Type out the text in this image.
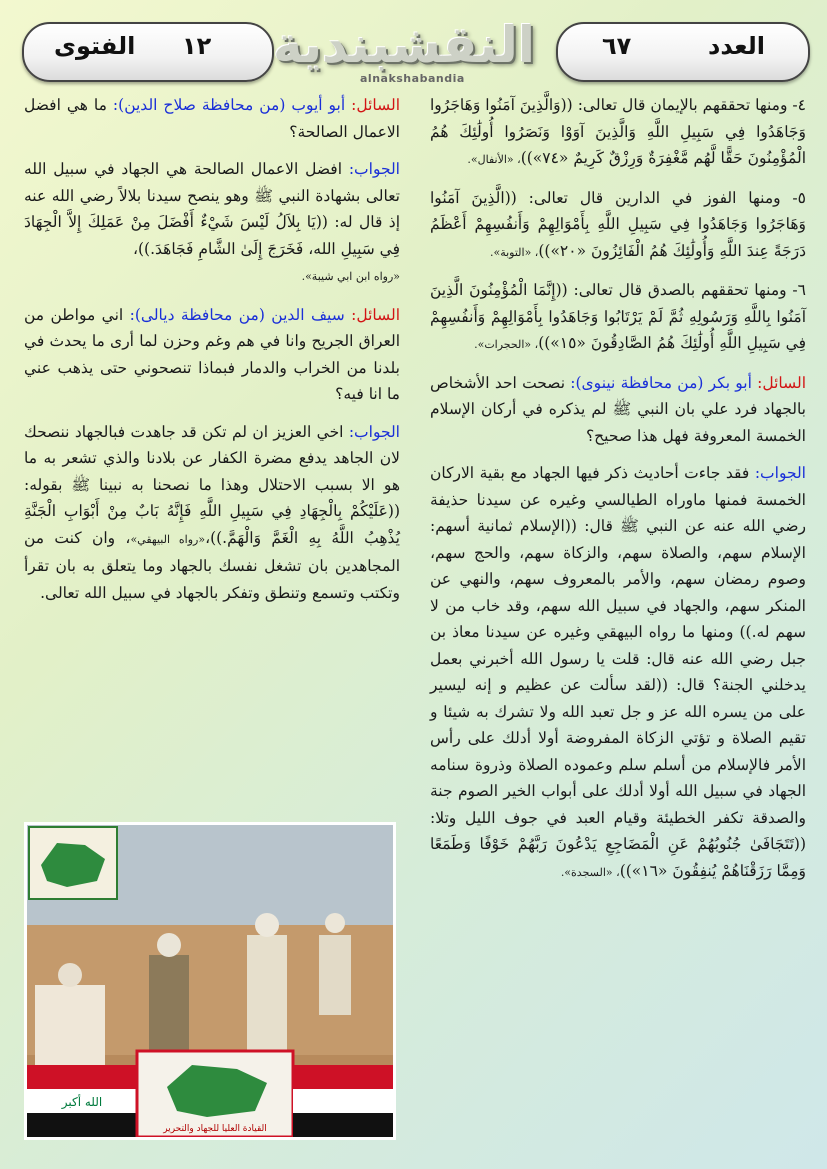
الفتوى ١٢ النقشبندية
alnakshabandia
٦٧	العدد

٤- ومنها تحققهم بالإيمان قال تعالى: ((وَالَّذِينَ آمَنُوا وَهَاجَرُوا وَجَاهَدُوا فِي سَبِيلِ اللَّهِ وَالَّذِينَ آوَوْا وَنَصَرُوا أُولَٰئِكَ هُمُ الْمُؤْمِنُونَ حَقًّا لَّهُم مَّغْفِرَةٌ وَرِزْقٌ كَرِيمٌ «٧٤»))، «الأنفال».

٥- ومنها الفوز في الدارين قال تعالى: ((الَّذِينَ آمَنُوا وَهَاجَرُوا وَجَاهَدُوا فِي سَبِيلِ اللَّهِ بِأَمْوَالِهِمْ وَأَنفُسِهِمْ أَعْظَمُ دَرَجَةً عِندَ اللَّهِ وَأُولَٰئِكَ هُمُ الْفَائِزُونَ «٢٠»))، «التوبة».

٦- ومنها تحققهم بالصدق قال تعالى: ((إِنَّمَا الْمُؤْمِنُونَ الَّذِينَ آمَنُوا بِاللَّهِ وَرَسُولِهِ ثُمَّ لَمْ يَرْتَابُوا وَجَاهَدُوا بِأَمْوَالِهِمْ وَأَنفُسِهِمْ فِي سَبِيلِ اللَّهِ أُولَٰئِكَ هُمُ الصَّادِقُونَ «١٥»))، «الحجرات».

السائل: أبو بكر (من محافظة نينوى): نصحت احد الأشخاص بالجهاد فرد علي بان النبي ﷺ لم يذكره في أركان الإسلام الخمسة المعروفة فهل هذا صحيح؟

الجواب: فقد جاءت أحاديث ذكر فيها الجهاد مع بقية الاركان الخمسة فمنها ماوراه الطيالسي وغيره عن سيدنا حذيفة رضي الله عنه عن النبي ﷺ قال: ((الإسلام ثمانية أسهم: الإسلام سهم، والصلاة سهم، والزكاة سهم، والحج سهم، وصوم رمضان سهم، والأمر بالمعروف سهم، والنهي عن المنكر سهم، والجهاد في سبيل الله سهم، وقد خاب من لا سهم له.)) ومنها ما رواه البيهقي وغيره عن سيدنا معاذ بن جبل رضي الله عنه قال: قلت يا رسول الله أخبرني بعمل يدخلني الجنة؟ قال: ((لقد سألت عن عظيم و إنه ليسير على من يسره الله عز و جل تعبد الله ولا تشرك به شيئا و تقيم الصلاة و تؤتي الزكاة المفروضة أولا أدلك على رأس الأمر فالإسلام من أسلم سلم وعموده الصلاة وذروة سنامه الجهاد في سبيل الله أولا أدلك على أبواب الخير الصوم جنة والصدقة تكفر الخطيئة وقيام العبد في جوف الليل وتلا: ((تَتَجَافَىٰ جُنُوبُهُمْ عَنِ الْمَضَاجِعِ يَدْعُونَ رَبَّهُمْ خَوْفًا وَطَمَعًا وَمِمَّا رَزَقْنَاهُمْ يُنفِقُونَ «١٦»))، «السجدة».

السائل: أبو أيوب (من محافظة صلاح الدين): ما هي افضل الاعمال الصالحة؟

الجواب: افضل الاعمال الصالحة هي الجهاد في سبيل الله تعالى بشهادة النبي ﷺ وهو ينصح سيدنا بلالاً رضي الله عنه إذ قال له: ((يَا بِلاَلُ لَيْسَ شَيْءٌ أَفْضَلَ مِنْ عَمَلِكَ إِلاَّ الْجِهَادَ فِي سَبِيلِ الله، فَخَرَجَ إِلَىٰ الشَّامِ فَجَاهَدَ.))،
«رواه ابن ابي شيبة».

السائل: سيف الدين (من محافظة ديالى): اني مواطن من العراق الجريح وانا في هم وغم وحزن لما أرى ما يحدث في بلدنا من الخراب والدمار فبماذا تنصحوني حتى يذهب عني ما انا فيه؟

الجواب: اخي العزيز ان لم تكن قد جاهدت فبالجهاد ننصحك لان الجاهد يدفع مضرة الكفار عن بلادنا والذي تشعر به ما هو الا بسبب الاحتلال وهذا ما نصحنا به نبينا ﷺ بقوله: ((عَلَيْكُمْ بِالْجِهَادِ فِي سَبِيلِ اللَّهِ فَإِنَّهُ بَابٌ مِنْ أَبْوَابِ الْجَنَّةِ يُذْهِبُ اللَّهُ بِهِ الْغَمَّ وَالْهَمَّ.))،«رواه البيهقي»، وان كنت من المجاهدين بان تشغل نفسك بالجهاد وما يتعلق به بان تقرأ وتكتب وتسمع وتنطق وتفكر بالجهاد في سبيل الله تعالى.

الله أكبر
القيادة العليا للجهاد والتحرير
